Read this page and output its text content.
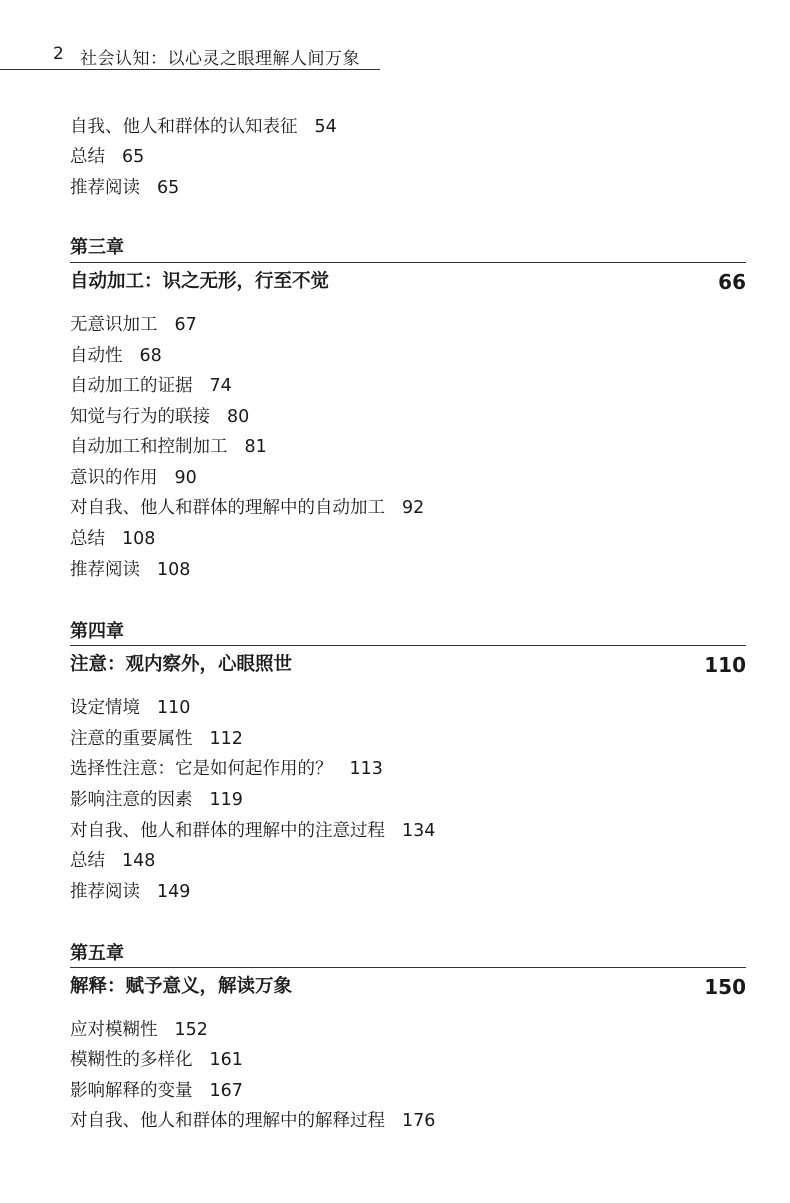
2 社会认知：以心灵之眼理解人间万象
自我、他人和群体的认知表征 54
总结 65
推荐阅读 65
第三章
自动加工：识之无形，行至不觉	66
无意识加工 67
自动性 68
自动加工的证据 74
知觉与行为的联接 80
自动加工和控制加工 81
意识的作用 90
对自我、他人和群体的理解中的自动加工 92
总结 108
推荐阅读 108
第四章
注意：观内察外，心眼照世	110
设定情境 110
注意的重要属性 112
选择性注意：它是如何起作用的？ 113
影响注意的因素 119
对自我、他人和群体的理解中的注意过程 134
总结 148
推荐阅读 149
第五章
解释：赋予意义，解读万象	150
应对模糊性 152
模糊性的多样化 161
影响解释的变量 167
对自我、他人和群体的理解中的解释过程 176
